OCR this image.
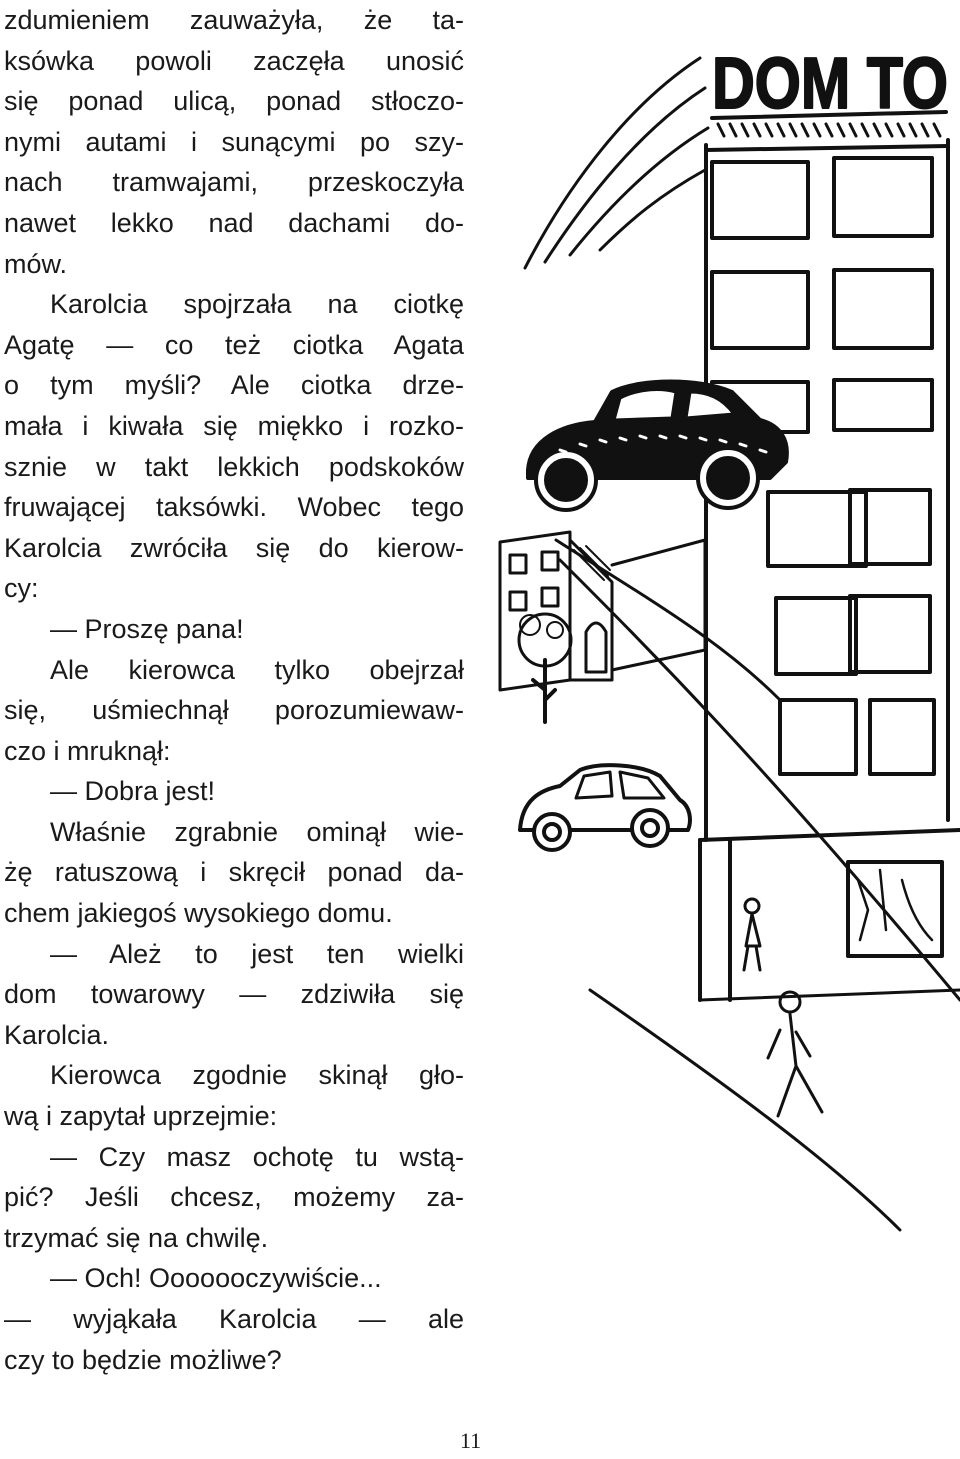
zdumieniem zauważyła, że ta-
ksówka powoli zaczęła unosić
się ponad ulicą, ponad stłoczo-
nymi autami i sunącymi po szy-
nach tramwajami, przeskoczyła
nawet lekko nad dachami do-
mów.
Karolcia spojrzała na ciotkę
Agatę — co też ciotka Agata
o tym myśli? Ale ciotka drze-
mała i kiwała się miękko i rozko-
sznie w takt lekkich podskoków
fruwającej taksówki. Wobec tego
Karolcia zwróciła się do kierow-
cy:
— Proszę pana!
Ale kierowca tylko obejrzał
się, uśmiechnął porozumiewaw-
czo i mruknął:
— Dobra jest!
Właśnie zgrabnie ominął wie-
żę ratuszową i skręcił ponad da-
chem jakiegoś wysokiego domu.
— Ależ to jest ten wielki
dom towarowy — zdziwiła się
Karolcia.
Kierowca zgodnie skinął gło-
wą i zapytał uprzejmie:
— Czy masz ochotę tu wstą-
pić? Jeśli chcesz, możemy za-
trzymać się na chwilę.
— Och! Ooooooczywiście...
— wyjąkała Karolcia — ale
czy to będzie możliwe?
DOM TO
11
